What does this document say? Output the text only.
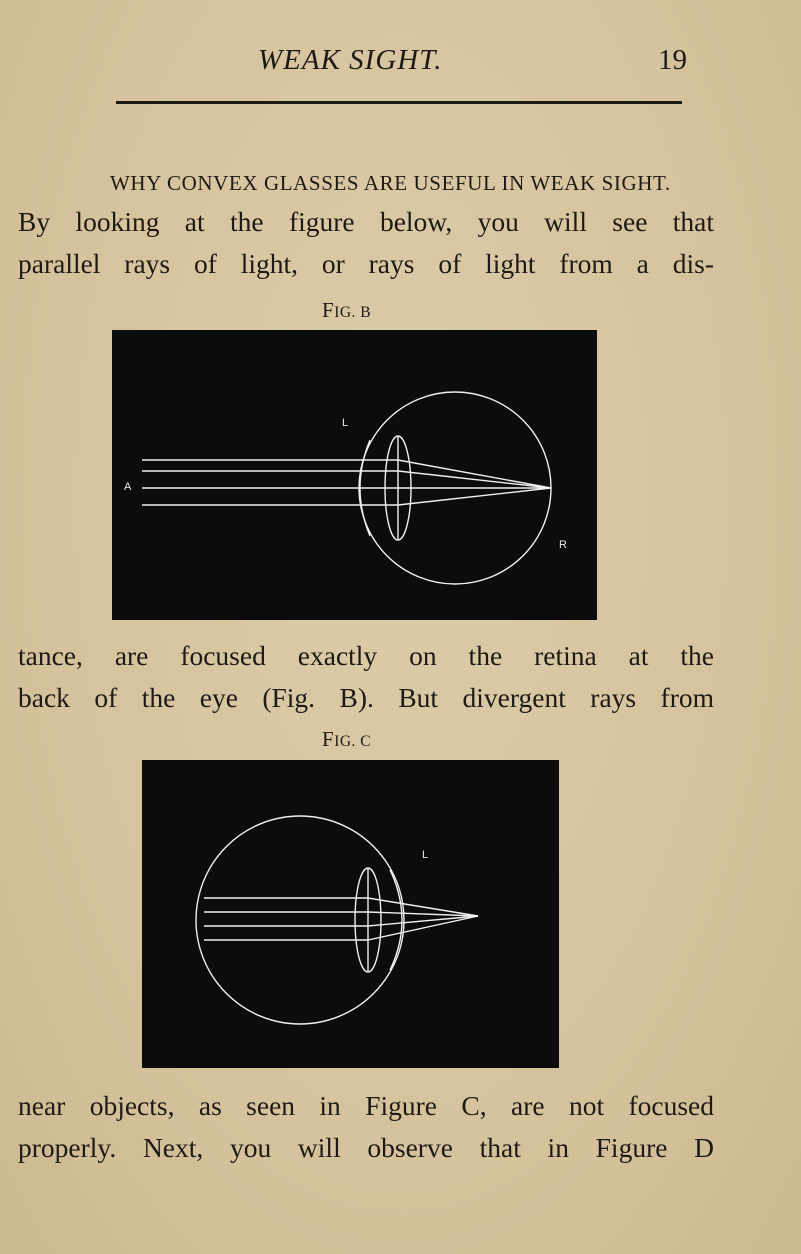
WEAK SIGHT.	19
WHY CONVEX GLASSES ARE USEFUL IN WEAK SIGHT.
By looking at the figure below, you will see that
parallel rays of light, or rays of light from a dis-
FIG. B
A
L
R
tance, are focused exactly on the retina at the
back of the eye (Fig. B). But divergent rays from
FIG. C
L
near objects, as seen in Figure C, are not focused
properly. Next, you will observe that in Figure D
